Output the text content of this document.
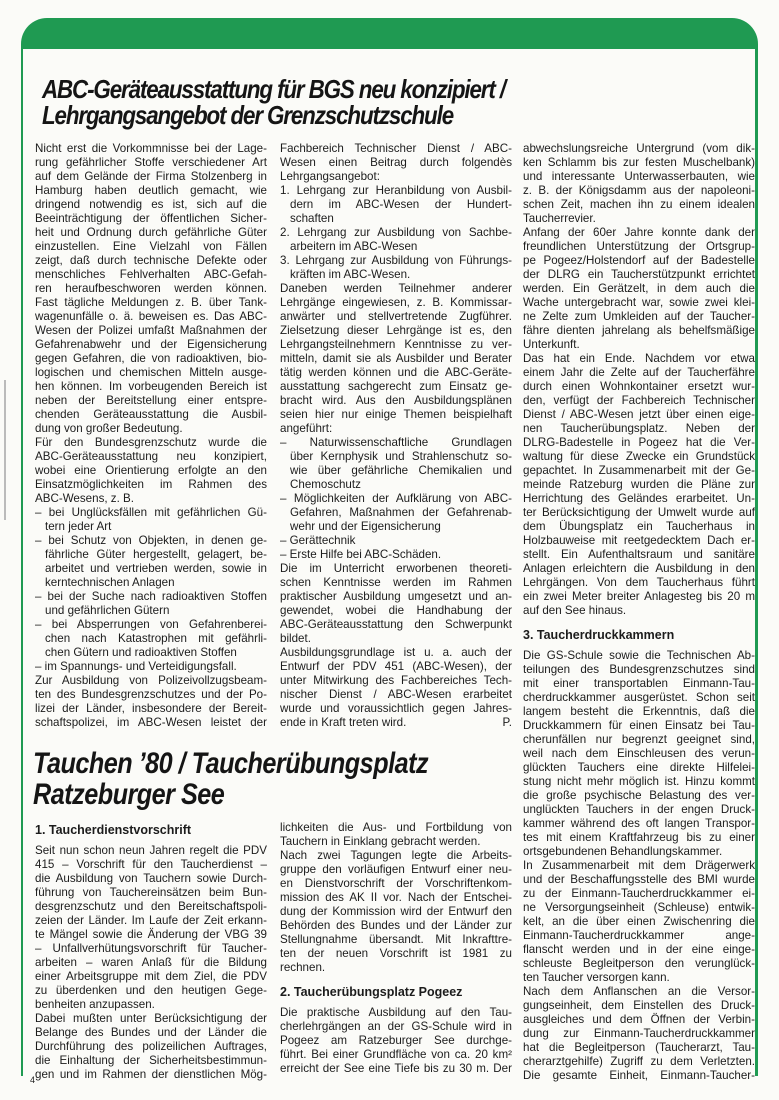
ABC-Geräteausstattung für BGS neu konzipiert /
Lehrgangsangebot der Grenzschutzschule
Nicht erst die Vorkommnisse bei der Lage-
rung gefährlicher Stoffe verschiedener Art
auf dem Gelände der Firma Stolzenberg in
Hamburg haben deutlich gemacht, wie
dringend notwendig es ist, sich auf die
Beeinträchtigung der öffentlichen Sicher-
heit und Ordnung durch gefährliche Güter
einzustellen. Eine Vielzahl von Fällen
zeigt, daß durch technische Defekte oder
menschliches Fehlverhalten ABC-Gefah-
ren heraufbeschworen werden können.
Fast tägliche Meldungen z. B. über Tank-
wagenunfälle o. ä. beweisen es. Das ABC-
Wesen der Polizei umfaßt Maßnahmen der
Gefahrenabwehr und der Eigensicherung
gegen Gefahren, die von radioaktiven, bio-
logischen und chemischen Mitteln ausge-
hen können. Im vorbeugenden Bereich ist
neben der Bereitstellung einer entspre-
chenden Geräteausstattung die Ausbil-
dung von großer Bedeutung.
Für den Bundesgrenzschutz wurde die
ABC-Geräteausstattung neu konzipiert,
wobei eine Orientierung erfolgte an den
Einsatzmöglichkeiten im Rahmen des
ABC-Wesens, z. B.
– bei Unglücksfällen mit gefährlichen Gü-
tern jeder Art
– bei Schutz von Objekten, in denen ge-
fährliche Güter hergestellt, gelagert, be-
arbeitet und vertrieben werden, sowie in
kerntechnischen Anlagen
– bei der Suche nach radioaktiven Stoffen
und gefährlichen Gütern
– bei Absperrungen von Gefahrenberei-
chen nach Katastrophen mit gefährli-
chen Gütern und radioaktiven Stoffen
– im Spannungs- und Verteidigungsfall.
Zur Ausbildung von Polizeivollzugsbeam-
ten des Bundesgrenzschutzes und der Po-
lizei der Länder, insbesondere der Bereit-
schaftspolizei, im ABC-Wesen leistet der
Fachbereich Technischer Dienst / ABC-
Wesen einen Beitrag durch folgendès
Lehrgangsangebot:
1. Lehrgang zur Heranbildung von Ausbil-
dern im ABC-Wesen der Hundert-
schaften
2. Lehrgang zur Ausbildung von Sachbe-
arbeitern im ABC-Wesen
3. Lehrgang zur Ausbildung von Führungs-
kräften im ABC-Wesen.
Daneben werden Teilnehmer anderer
Lehrgänge eingewiesen, z. B. Kommissar-
anwärter und stellvertretende Zugführer.
Zielsetzung dieser Lehrgänge ist es, den
Lehrgangsteilnehmern Kenntnisse zu ver-
mitteln, damit sie als Ausbilder und Berater
tätig werden können und die ABC-Geräte-
ausstattung sachgerecht zum Einsatz ge-
bracht wird. Aus den Ausbildungsplänen
seien hier nur einige Themen beispielhaft
angeführt:
– Naturwissenschaftliche Grundlagen
über Kernphysik und Strahlenschutz so-
wie über gefährliche Chemikalien und
Chemoschutz
– Möglichkeiten der Aufklärung von ABC-
Gefahren, Maßnahmen der Gefahrenab-
wehr und der Eigensicherung
– Gerättechnik
– Erste Hilfe bei ABC-Schäden.
Die im Unterricht erworbenen theoreti-
schen Kenntnisse werden im Rahmen
praktischer Ausbildung umgesetzt und an-
gewendet, wobei die Handhabung der
ABC-Geräteausstattung den Schwerpunkt
bildet.
Ausbildungsgrundlage ist u. a. auch der
Entwurf der PDV 451 (ABC-Wesen), der
unter Mitwirkung des Fachbereiches Tech-
nischer Dienst / ABC-Wesen erarbeitet
wurde und voraussichtlich gegen Jahres-
ende in Kraft treten wird.	P.
abwechslungsreiche Untergrund (vom dik-
ken Schlamm bis zur festen Muschelbank)
und interessante Unterwasserbauten, wie
z. B. der Königsdamm aus der napoleoni-
schen Zeit, machen ihn zu einem idealen
Taucherrevier.
Anfang der 60er Jahre konnte dank der
freundlichen Unterstützung der Ortsgrup-
pe Pogeez/Holstendorf auf der Badestelle
der DLRG ein Taucherstützpunkt errichtet
werden. Ein Gerätzelt, in dem auch die
Wache untergebracht war, sowie zwei klei-
ne Zelte zum Umkleiden auf der Taucher-
fähre dienten jahrelang als behelfsmäßige
Unterkunft.
Das hat ein Ende. Nachdem vor etwa
einem Jahr die Zelte auf der Taucherfähre
durch einen Wohnkontainer ersetzt wur-
den, verfügt der Fachbereich Technischer
Dienst / ABC-Wesen jetzt über einen eige-
nen Taucherübungsplatz. Neben der
DLRG-Badestelle in Pogeez hat die Ver-
waltung für diese Zwecke ein Grundstück
gepachtet. In Zusammenarbeit mit der Ge-
meinde Ratzeburg wurden die Pläne zur
Herrichtung des Geländes erarbeitet. Un-
ter Berücksichtigung der Umwelt wurde auf
dem Übungsplatz ein Taucherhaus in
Holzbauweise mit reetgedecktem Dach er-
stellt. Ein Aufenthaltsraum und sanitäre
Anlagen erleichtern die Ausbildung in den
Lehrgängen. Von dem Taucherhaus führt
ein zwei Meter breiter Anlagesteg bis 20 m
auf den See hinaus.
3. Taucherdruckkammern
Die GS-Schule sowie die Technischen Ab-
teilungen des Bundesgrenzschutzes sind
mit einer transportablen Einmann-Tau-
cherdruckkammer ausgerüstet. Schon seit
langem besteht die Erkenntnis, daß die
Druckkammern für einen Einsatz bei Tau-
cherunfällen nur begrenzt geeignet sind,
weil nach dem Einschleusen des verun-
glückten Tauchers eine direkte Hilfelei-
stung nicht mehr möglich ist. Hinzu kommt
die große psychische Belastung des ver-
unglückten Tauchers in der engen Druck-
kammer während des oft langen Transpor-
tes mit einem Kraftfahrzeug bis zu einer
ortsgebundenen Behandlungskammer.
In Zusammenarbeit mit dem Drägerwerk
und der Beschaffungsstelle des BMI wurde
zu der Einmann-Taucherdruckkammer ei-
ne Versorgungseinheit (Schleuse) entwik-
kelt, an die über einen Zwischenring die
Einmann-Taucherdruckkammer ange-
flanscht werden und in der eine einge-
schleuste Begleitperson den verunglück-
ten Taucher versorgen kann.
Nach dem Anflanschen an die Versor-
gungseinheit, dem Einstellen des Druck-
ausgleiches und dem Öffnen der Verbin-
dung zur Einmann-Taucherdruckkammer
hat die Begleitperson (Taucherarzt, Tau-
cherarztgehilfe) Zugriff zu dem Verletzten.
Die gesamte Einheit, Einmann-Taucher-
Tauchen ’80 / Taucherübungsplatz
Ratzeburger See
1. Taucherdienstvorschrift
Seit nun schon neun Jahren regelt die PDV
415 – Vorschrift für den Taucherdienst –
die Ausbildung von Tauchern sowie Durch-
führung von Tauchereinsätzen beim Bun-
desgrenzschutz und den Bereitschaftspoli-
zeien der Länder. Im Laufe der Zeit erkann-
te Mängel sowie die Änderung der VBG 39
– Unfallverhütungsvorschrift für Taucher-
arbeiten – waren Anlaß für die Bildung
einer Arbeitsgruppe mit dem Ziel, die PDV
zu überdenken und den heutigen Gege-
benheiten anzupassen.
Dabei mußten unter Berücksichtigung der
Belange des Bundes und der Länder die
Durchführung des polizeilichen Auftrages,
die Einhaltung der Sicherheitsbestimmun-
gen und im Rahmen der dienstlichen Mög-
lichkeiten die Aus- und Fortbildung von
Tauchern in Einklang gebracht werden.
Nach zwei Tagungen legte die Arbeits-
gruppe den vorläufigen Entwurf einer neu-
en Dienstvorschrift der Vorschriftenkom-
mission des AK II vor. Nach der Entschei-
dung der Kommission wird der Entwurf den
Behörden des Bundes und der Länder zur
Stellungnahme übersandt. Mit Inkrafttre-
ten der neuen Vorschrift ist 1981 zu
rechnen.
2. Taucherübungsplatz Pogeez
Die praktische Ausbildung auf den Tau-
cherlehrgängen an der GS-Schule wird in
Pogeez am Ratzeburger See durchge-
führt. Bei einer Grundfläche von ca. 20 km²
erreicht der See eine Tiefe bis zu 30 m. Der
4
